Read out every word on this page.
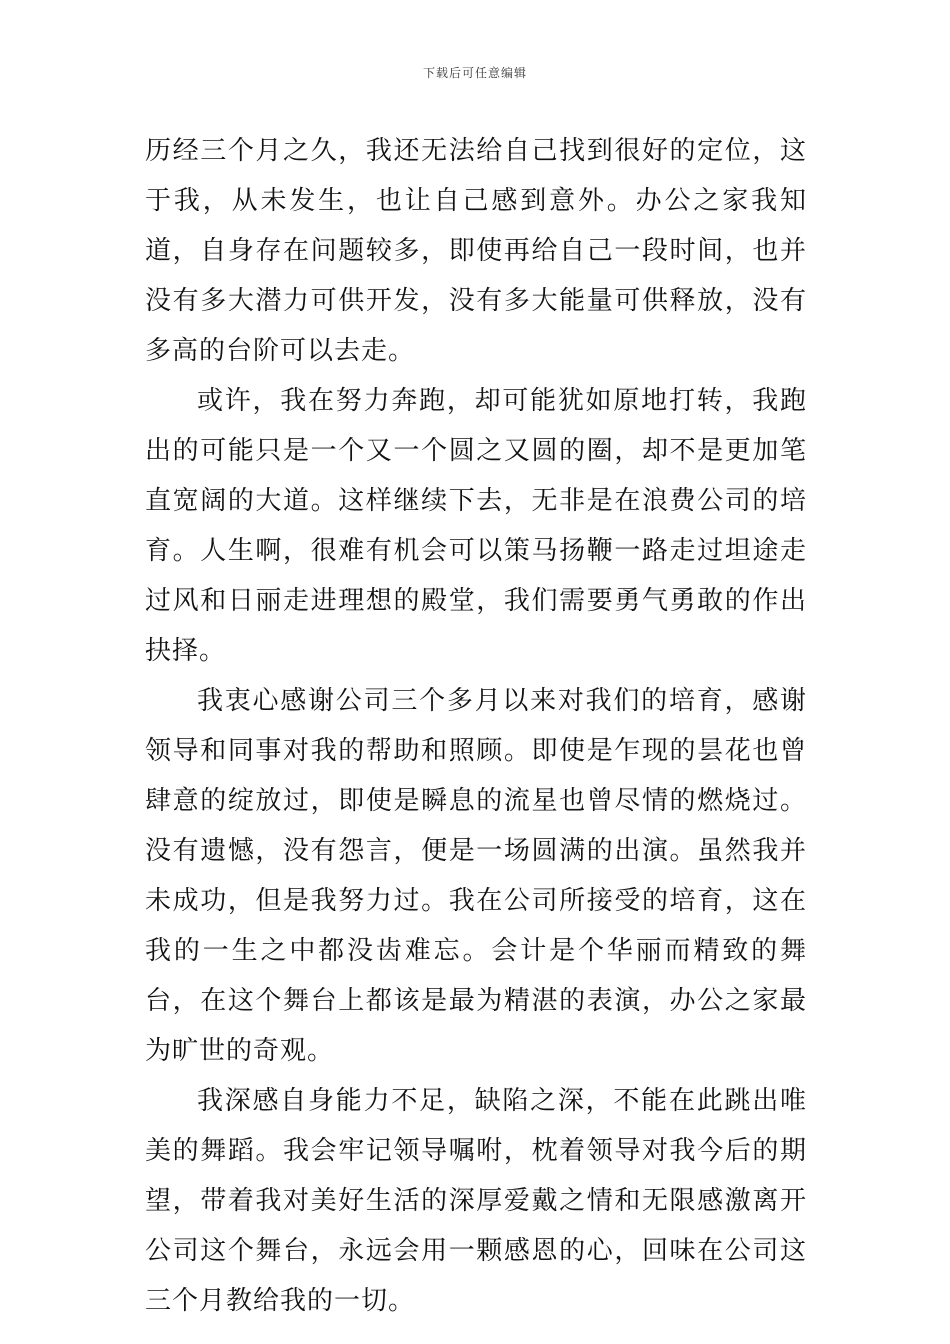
下载后可任意编辑

历经三个月之久，我还无法给自己找到很好的定位，这于我，从未发生，也让自己感到意外。办公之家我知道，自身存在问题较多，即使再给自己一段时间，也并没有多大潜力可供开发，没有多大能量可供释放，没有多高的台阶可以去走。

或许，我在努力奔跑，却可能犹如原地打转，我跑出的可能只是一个又一个圆之又圆的圈，却不是更加笔直宽阔的大道。这样继续下去，无非是在浪费公司的培育。人生啊，很难有机会可以策马扬鞭一路走过坦途走过风和日丽走进理想的殿堂，我们需要勇气勇敢的作出抉择。

我衷心感谢公司三个多月以来对我们的培育，感谢领导和同事对我的帮助和照顾。即使是乍现的昙花也曾肆意的绽放过，即使是瞬息的流星也曾尽情的燃烧过。没有遗憾，没有怨言，便是一场圆满的出演。虽然我并未成功，但是我努力过。我在公司所接受的培育，这在我的一生之中都没齿难忘。会计是个华丽而精致的舞台，在这个舞台上都该是最为精湛的表演，办公之家最为旷世的奇观。

我深感自身能力不足，缺陷之深，不能在此跳出唯美的舞蹈。我会牢记领导嘱咐，枕着领导对我今后的期望，带着我对美好生活的深厚爱戴之情和无限感激离开公司这个舞台，永远会用一颗感恩的心，回味在公司这三个月教给我的一切。
